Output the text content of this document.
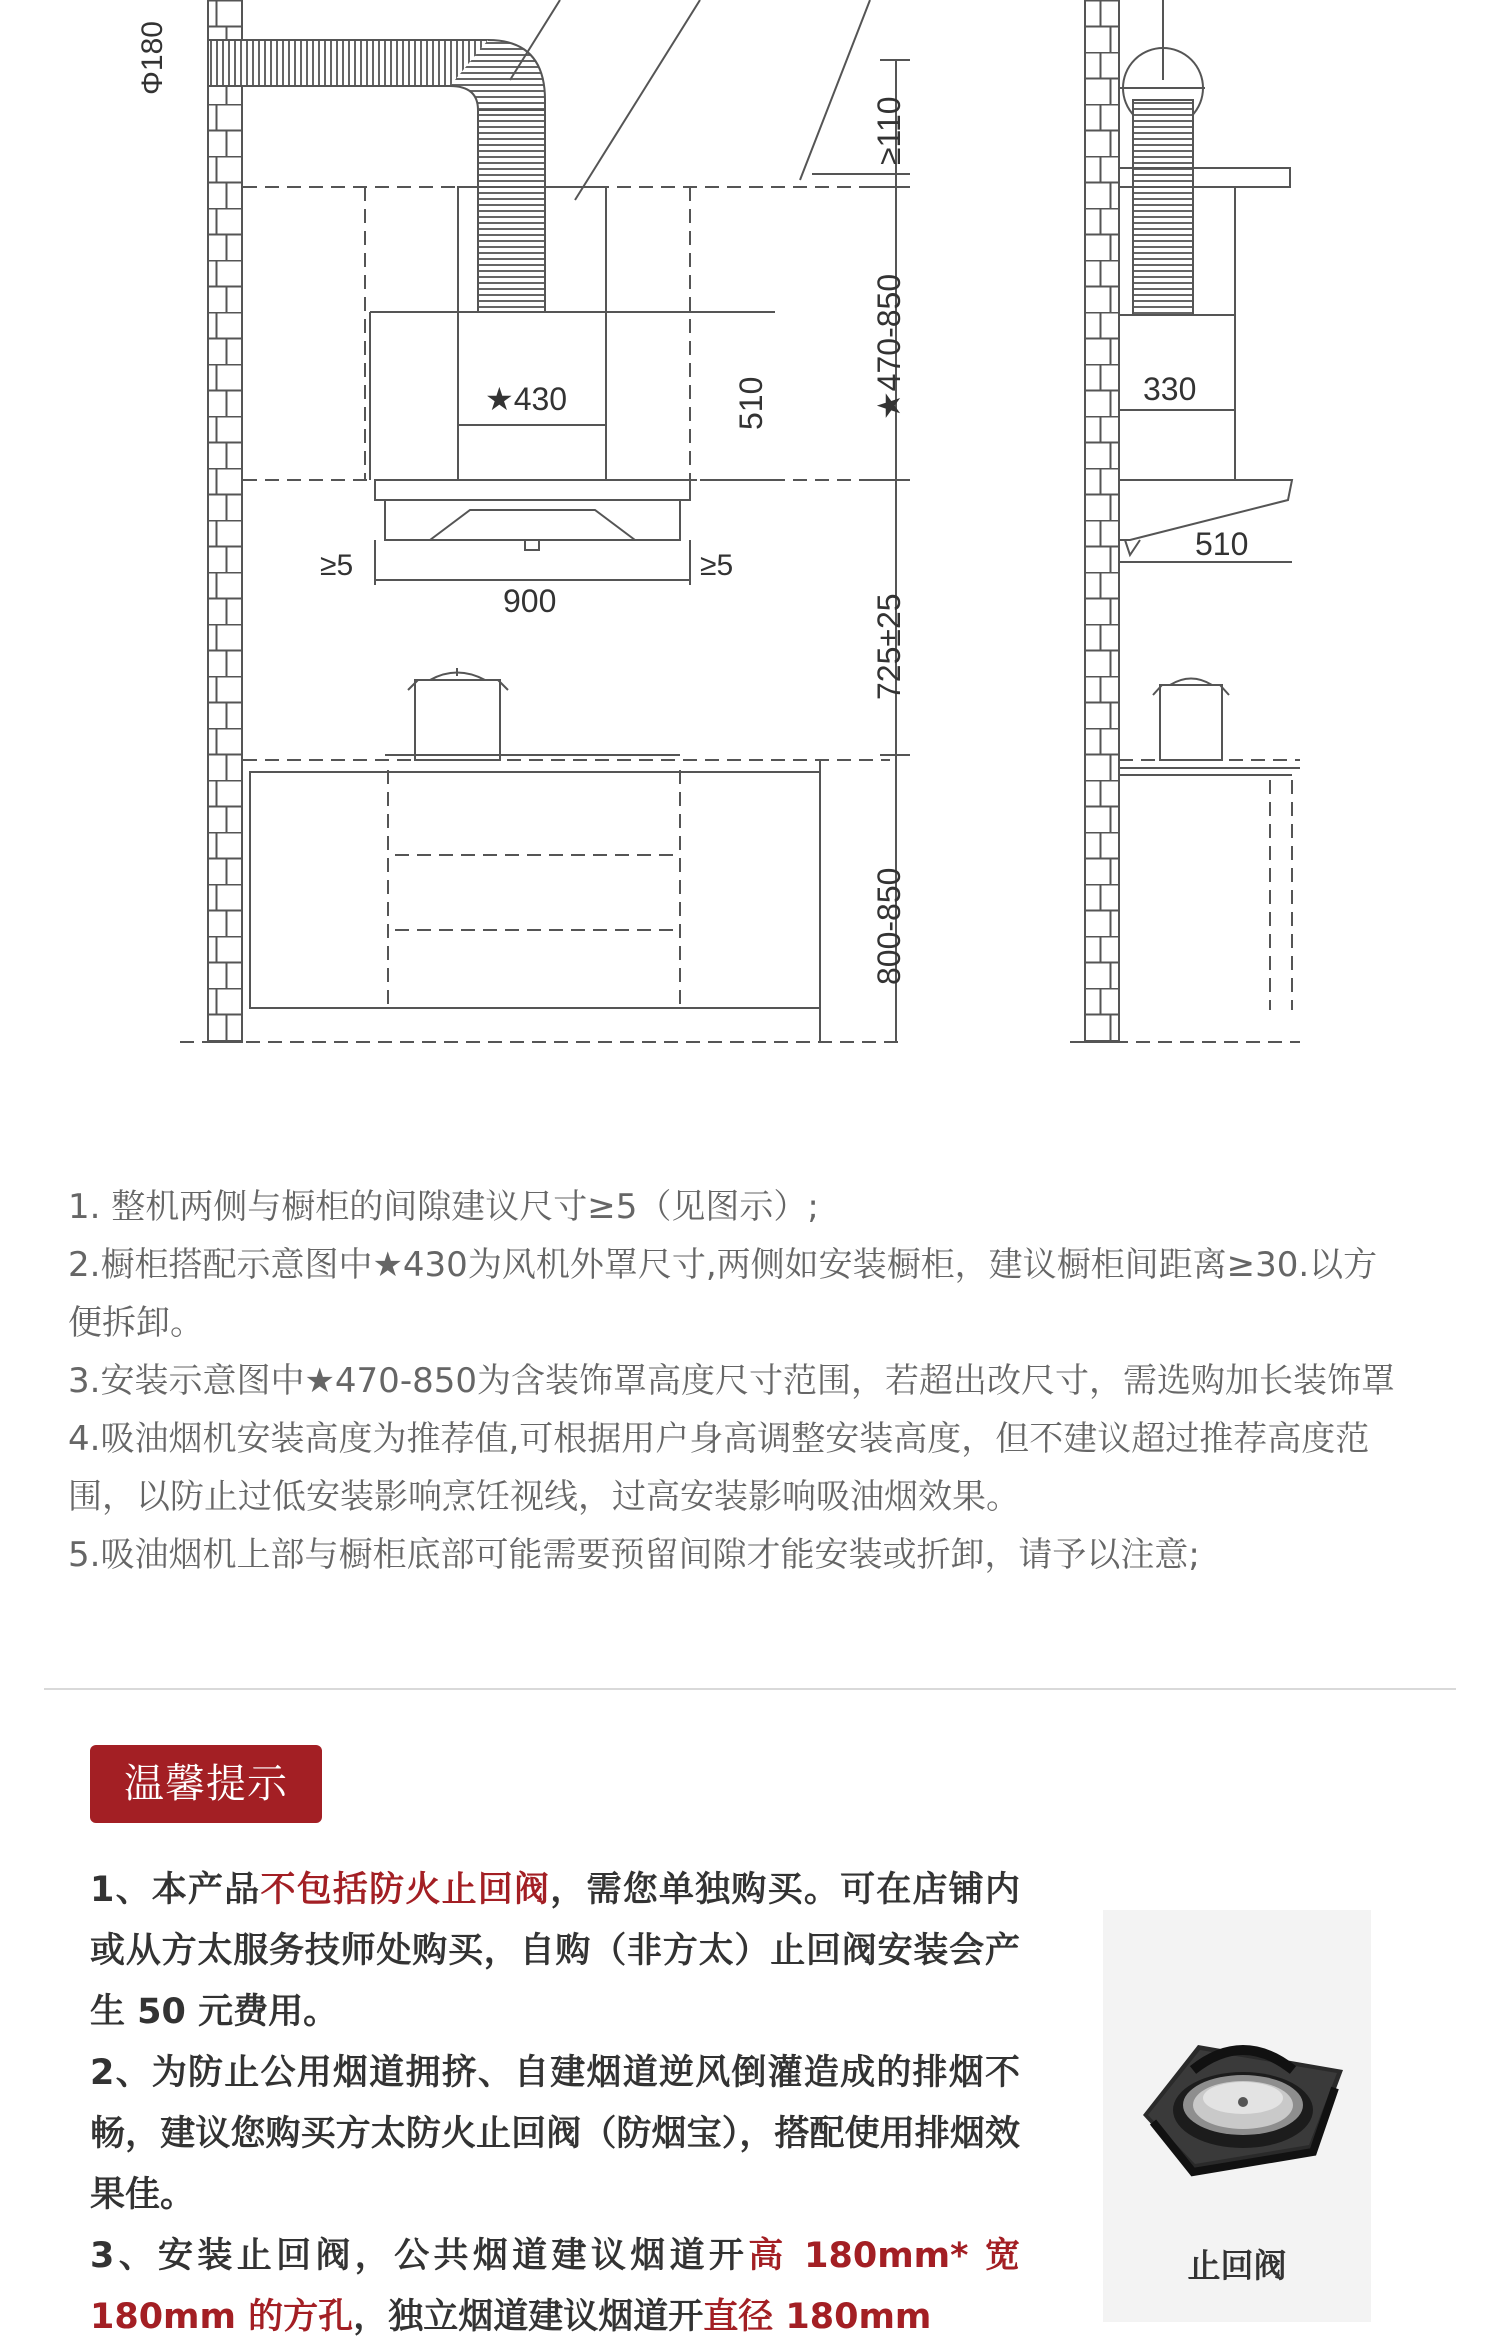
Φ180
≥110
★470-850
★430	510
≥5	≥5
900	725±25
800-850
330
510

1. 整机两侧与橱柜的间隙建议尺寸≥5（见图示）;

2.橱柜搭配示意图中★430为风机外罩尺寸,两侧如安装橱柜，建议橱柜间距离≥30.以方便拆卸。

3.安装示意图中★470-850为含装饰罩高度尺寸范围，若超出改尺寸，需选购加长装饰罩

4.吸油烟机安装高度为推荐值,可根据用户身高调整安装高度，但不建议超过推荐高度范围，以防止过低安装影响烹饪视线，过高安装影响吸油烟效果。

5.吸油烟机上部与橱柜底部可能需要预留间隙才能安装或折卸，请予以注意;

温馨提示

1、本产品不包括防火止回阀，需您单独购买。可在店铺内或从方太服务技师处购买，自购（非方太）止回阀安装会产生 50 元费用。

2、为防止公用烟道拥挤、自建烟道逆风倒灌造成的排烟不畅，建议您购买方太防火止回阀（防烟宝），搭配使用排烟效果佳。

3、安装止回阀，公共烟道建议烟道开高 180mm* 宽 180mm 的方孔，独立烟道建议烟道开直径 180mm

止回阀
